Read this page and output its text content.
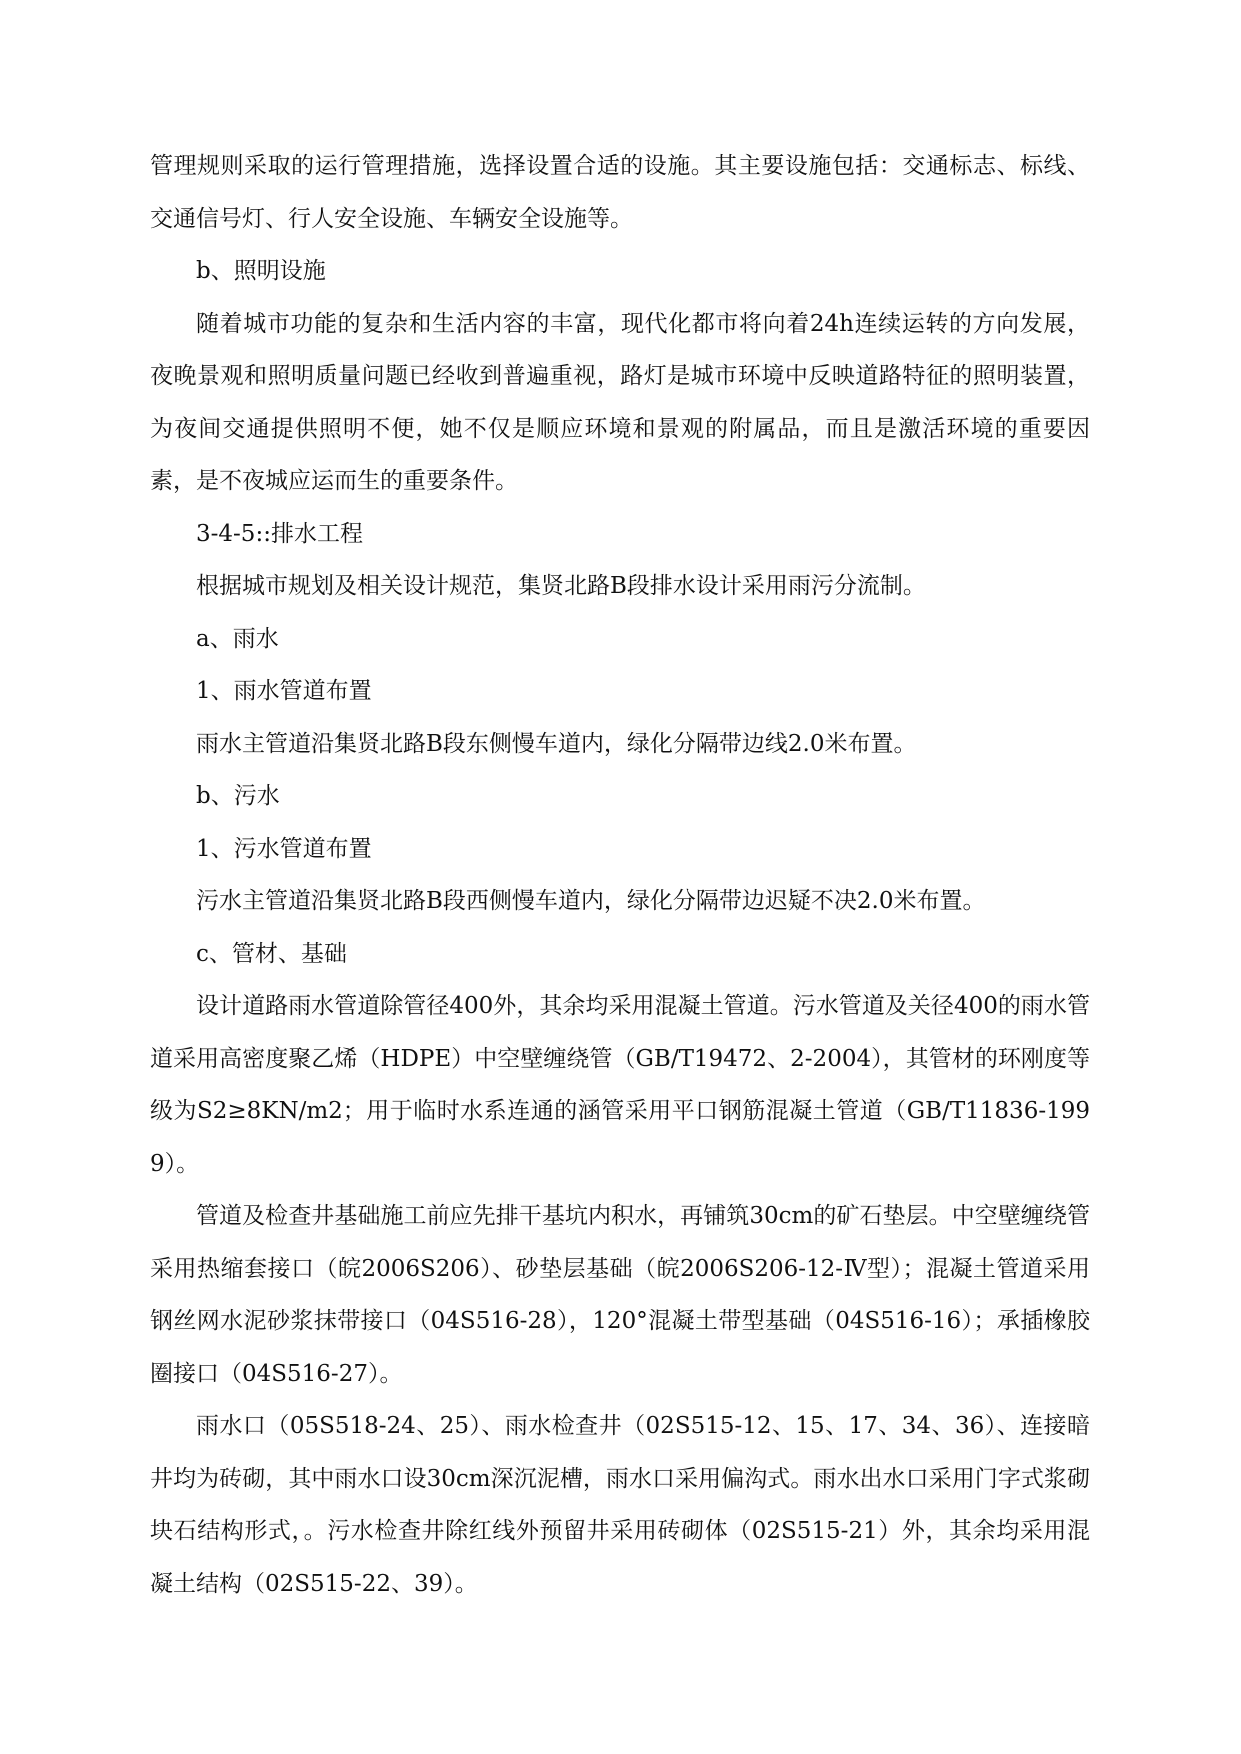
管理规则采取的运行管理措施，选择设置合适的设施。其主要设施包括：交通标志、标线、交通信号灯、行人安全设施、车辆安全设施等。

b、照明设施

随着城市功能的复杂和生活内容的丰富，现代化都市将向着24h连续运转的方向发展，夜晚景观和照明质量问题已经收到普遍重视，路灯是城市环境中反映道路特征的照明装置，为夜间交通提供照明不便，她不仅是顺应环境和景观的附属品，而且是激活环境的重要因素，是不夜城应运而生的重要条件。

3-4-5::排水工程

根据城市规划及相关设计规范，集贤北路B段排水设计采用雨污分流制。

a、雨水

1、雨水管道布置

雨水主管道沿集贤北路B段东侧慢车道内，绿化分隔带边线2.0米布置。

b、污水

1、污水管道布置

污水主管道沿集贤北路B段西侧慢车道内，绿化分隔带边迟疑不决2.0米布置。

c、管材、基础

设计道路雨水管道除管径400外，其余均采用混凝土管道。污水管道及关径400的雨水管道采用高密度聚乙烯（HDPE）中空壁缠绕管（GB/T19472、2-2004），其管材的环刚度等级为S2≥8KN/m2；用于临时水系连通的涵管采用平口钢筋混凝土管道（GB/T11836-1999）。

管道及检查井基础施工前应先排干基坑内积水，再铺筑30cm的矿石垫层。中空壁缠绕管采用热缩套接口（皖2006S206）、砂垫层基础（皖2006S206-12-Ⅳ型）；混凝土管道采用钢丝网水泥砂浆抹带接口（04S516-28），120°混凝土带型基础（04S516-16）；承插橡胶圈接口（04S516-27）。

雨水口（05S518-24、25）、雨水检查井（02S515-12、15、17、34、36）、连接暗井均为砖砌，其中雨水口设30cm深沉泥槽，雨水口采用偏沟式。雨水出水口采用门字式浆砌块石结构形式，。污水检查井除红线外预留井采用砖砌体（02S515-21）外，其余均采用混凝土结构（02S515-22、39）。
